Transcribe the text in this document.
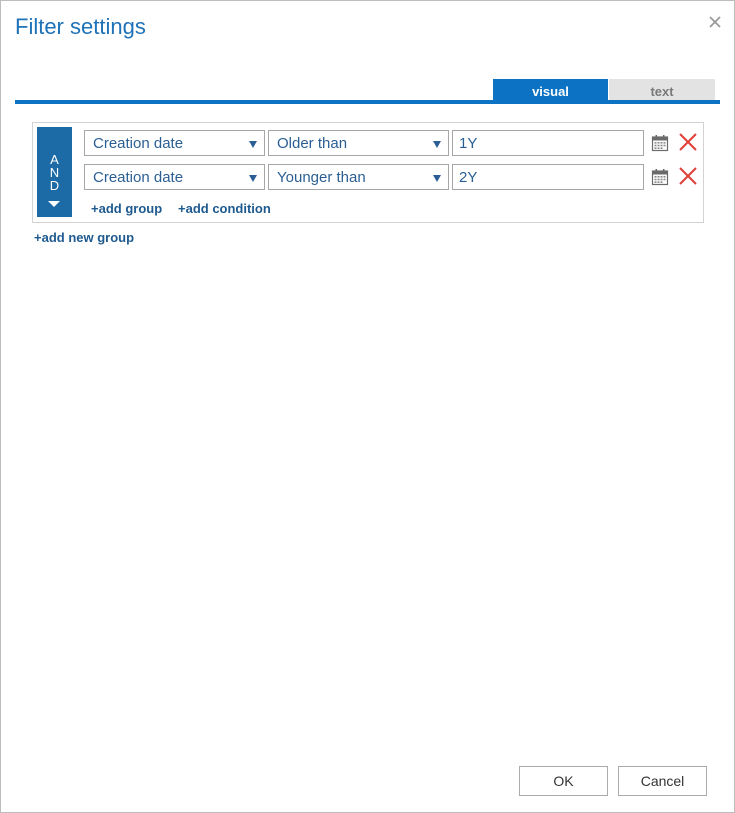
Filter settings
visual	text
A
N
D
Creation date	Older than	1Y
Creation date	Younger than	2Y
+add group +add condition
+add new group
OK	Cancel
